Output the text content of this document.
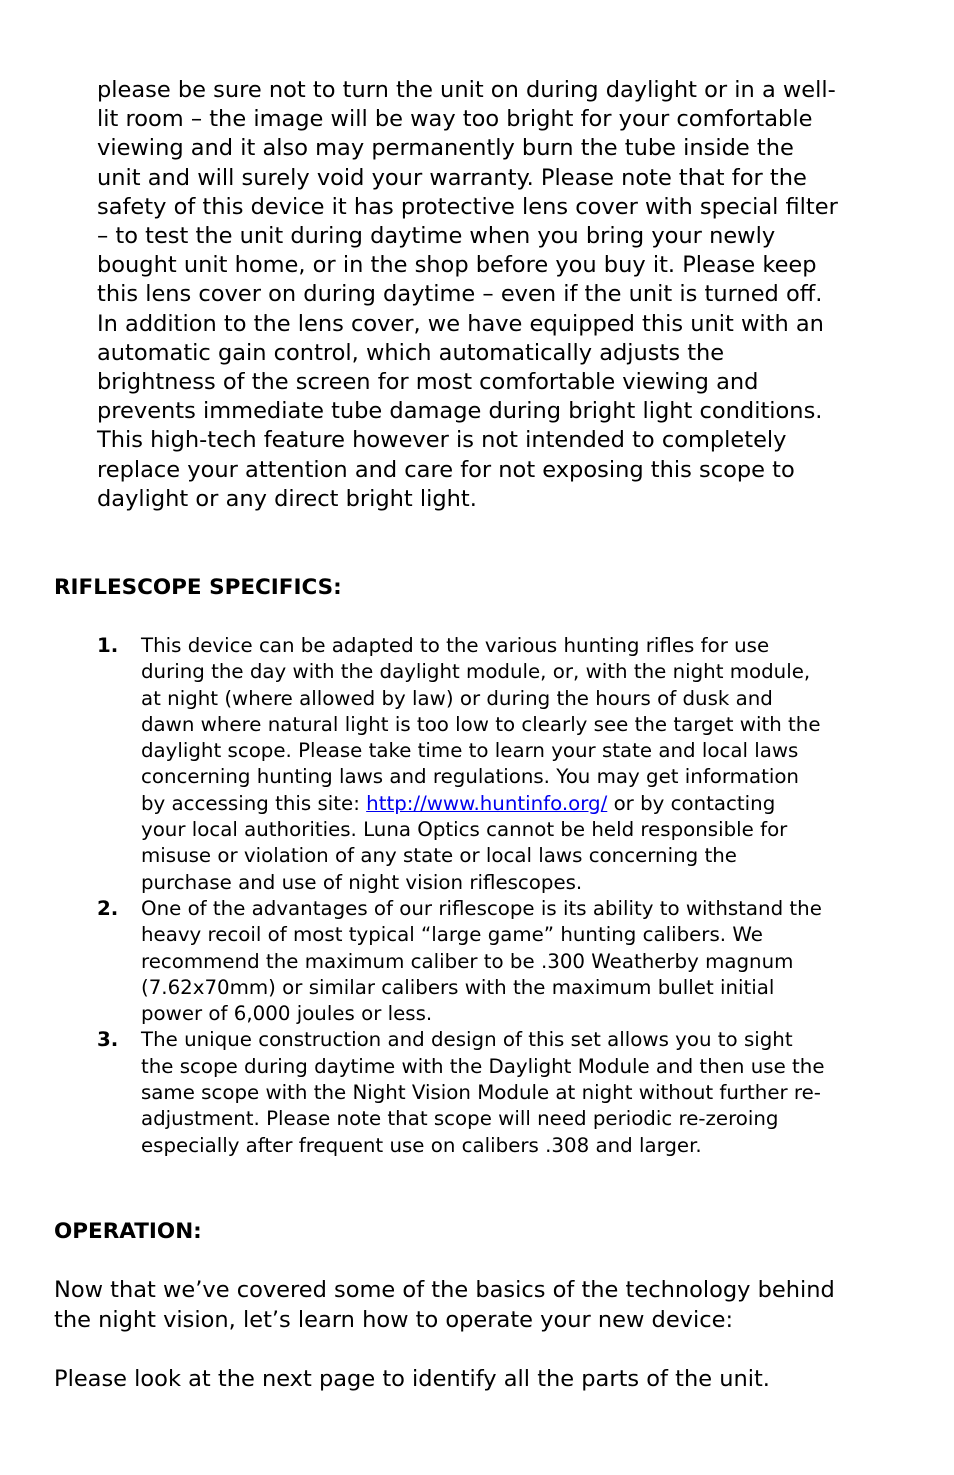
please be sure not to turn the unit on during daylight or in a well-
lit room – the image will be way too bright for your comfortable
viewing and it also may permanently burn the tube inside the
unit and will surely void your warranty. Please note that for the
safety of this device it has protective lens cover with special filter
– to test the unit during daytime when you bring your newly
bought unit home, or in the shop before you buy it. Please keep
this lens cover on during daytime – even if the unit is turned off.
In addition to the lens cover, we have equipped this unit with an
automatic gain control, which automatically adjusts the
brightness of the screen for most comfortable viewing and
prevents immediate tube damage during bright light conditions.
This high-tech feature however is not intended to completely
replace your attention and care for not exposing this scope to
daylight or any direct bright light.

RIFLESCOPE SPECIFICS:
1. This device can be adapted to the various hunting rifles for use
during the day with the daylight module, or, with the night module,
at night (where allowed by law) or during the hours of dusk and
dawn where natural light is too low to clearly see the target with the
daylight scope. Please take time to learn your state and local laws
concerning hunting laws and regulations. You may get information
by accessing this site: http://www.huntinfo.org/ or by contacting
your local authorities. Luna Optics cannot be held responsible for
misuse or violation of any state or local laws concerning the
purchase and use of night vision riflescopes.
2. One of the advantages of our riflescope is its ability to withstand the
heavy recoil of most typical “large game” hunting calibers. We
recommend the maximum caliber to be .300 Weatherby magnum
(7.62x70mm) or similar calibers with the maximum bullet initial
power of 6,000 joules or less.
3. The unique construction and design of this set allows you to sight
the scope during daytime with the Daylight Module and then use the
same scope with the Night Vision Module at night without further re-
adjustment. Please note that scope will need periodic re-zeroing
especially after frequent use on calibers .308 and larger.
OPERATION:

Now that we’ve covered some of the basics of the technology behind
the night vision, let’s learn how to operate your new device:

Please look at the next page to identify all the parts of the unit.
